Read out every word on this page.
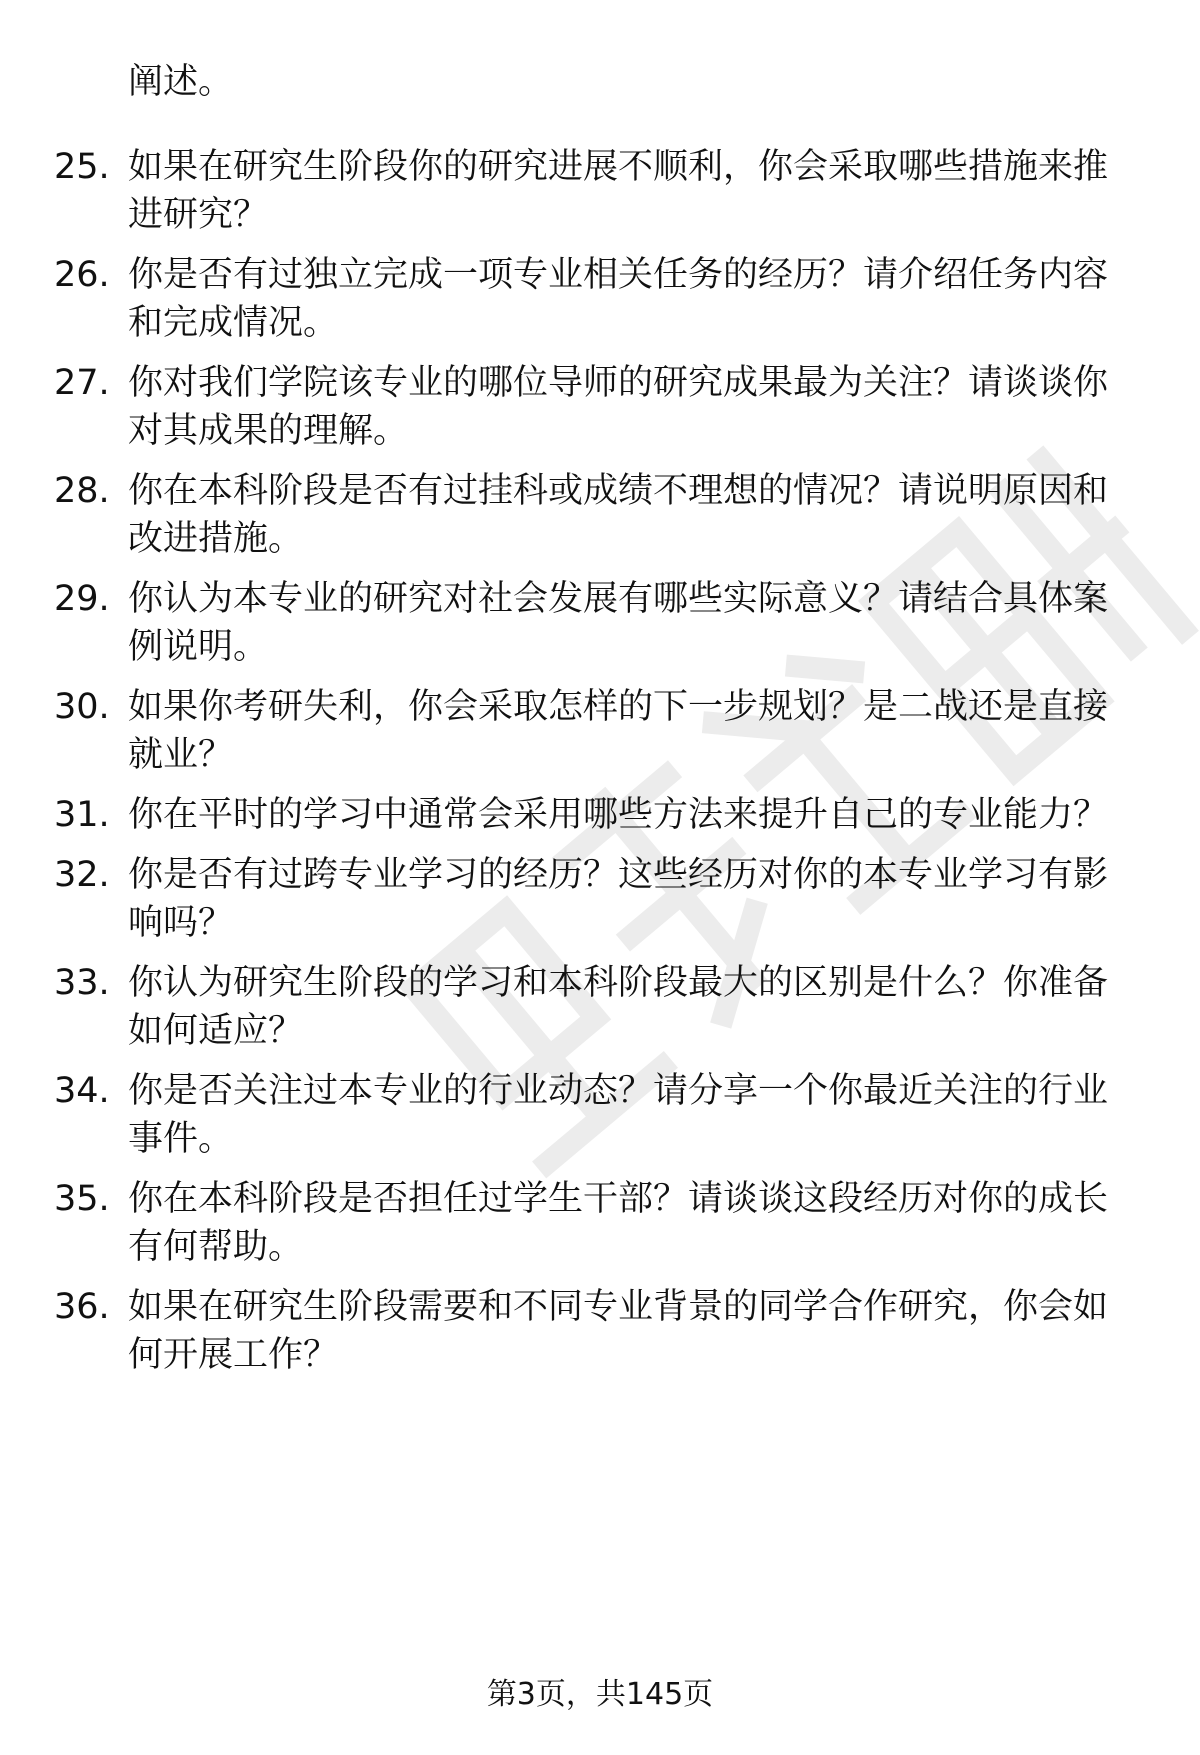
阐述。

25. 如果在研究生阶段你的研究进展不顺利，你会采取哪些措施来推进研究？

26. 你是否有过独立完成一项专业相关任务的经历？请介绍任务内容和完成情况。

27. 你对我们学院该专业的哪位导师的研究成果最为关注？请谈谈你对其成果的理解。

28. 你在本科阶段是否有过挂科或成绩不理想的情况？请说明原因和改进措施。

29. 你认为本专业的研究对社会发展有哪些实际意义？请结合具体案例说明。

30. 如果你考研失利，你会采取怎样的下一步规划？是二战还是直接就业？

31. 你在平时的学习中通常会采用哪些方法来提升自己的专业能力？

32. 你是否有过跨专业学习的经历？这些经历对你的本专业学习有影响吗？

33. 你认为研究生阶段的学习和本科阶段最大的区别是什么？你准备如何适应？

34. 你是否关注过本专业的行业动态？请分享一个你最近关注的行业事件。

35. 你在本科阶段是否担任过学生干部？请谈谈这段经历对你的成长有何帮助。

36. 如果在研究生阶段需要和不同专业背景的同学合作研究，你会如何开展工作？

第3页，共145页
